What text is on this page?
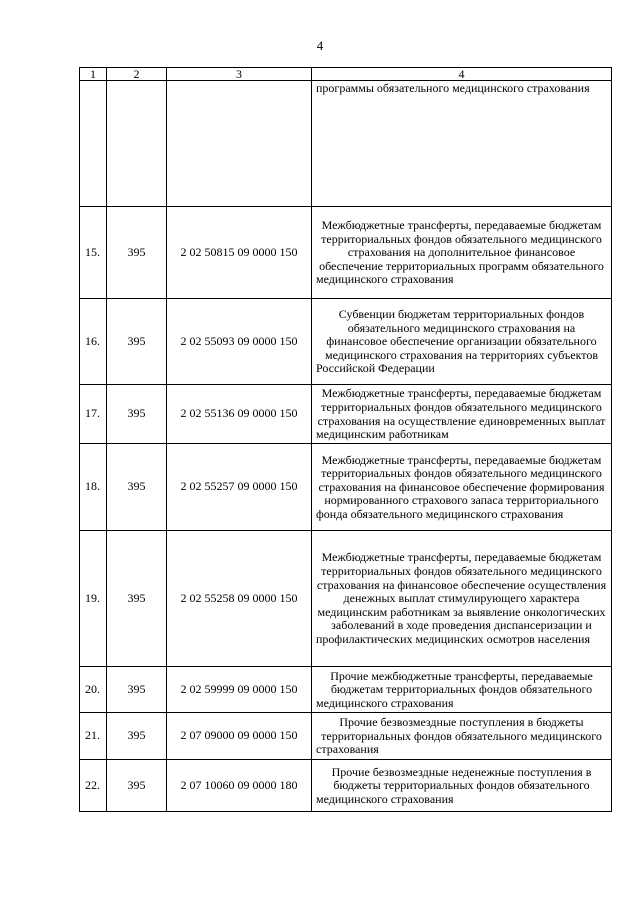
4
1	2	3	4
			программы обязательного медицинского страхования
15.	395	2 02 50815 09 0000 150	Межбюджетные трансферты, передаваемые бюджетам территориальных фондов обязательного медицинского страхования на дополнительное финансовое обеспечение территориальных программ обязательного медицинского страхования
16.	395	2 02 55093 09 0000 150	Субвенции бюджетам территориальных фондов обязательного медицинского страхования на финансовое обеспечение организации обязательного медицинского страхования на территориях субъектов Российской Федерации
17.	395	2 02 55136 09 0000 150	Межбюджетные трансферты, передаваемые бюджетам территориальных фондов обязательного медицинского страхования на осуществление единовременных выплат медицинским работникам
18.	395	2 02 55257 09 0000 150	Межбюджетные трансферты, передаваемые бюджетам территориальных фондов обязательного медицинского страхования на финансовое обеспечение формирования нормированного страхового запаса территориального фонда обязательного медицинского страхования
19.	395	2 02 55258 09 0000 150	Межбюджетные трансферты, передаваемые бюджетам территориальных фондов обязательного медицинского страхования на финансовое обеспечение осуществления денежных выплат стимулирующего характера медицинским работникам за выявление онкологических заболеваний в ходе проведения диспансеризации и профилактических медицинских осмотров населения
20.	395	2 02 59999 09 0000 150	Прочие межбюджетные трансферты, передаваемые бюджетам территориальных фондов обязательного медицинского страхования
21.	395	2 07 09000 09 0000 150	Прочие безвозмездные поступления в бюджеты территориальных фондов обязательного медицинского страхования
22.	395	2 07 10060 09 0000 180	Прочие безвозмездные неденежные поступления в бюджеты территориальных фондов обязательного медицинского страхования
